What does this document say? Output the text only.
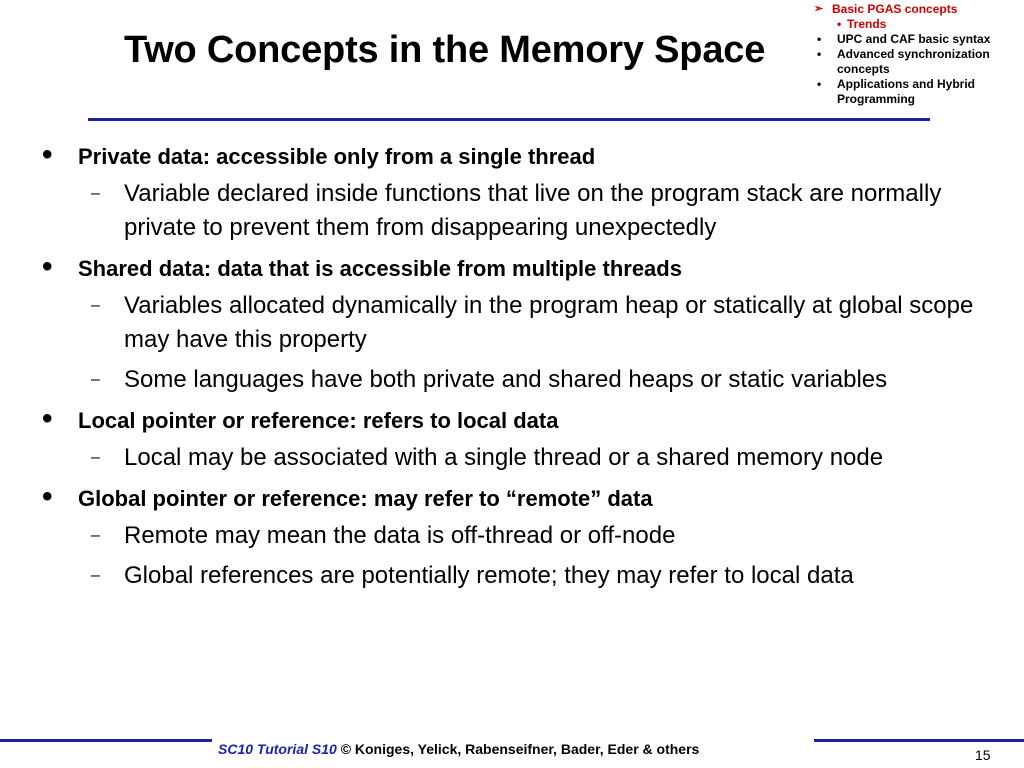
Two Concepts in the Memory Space
➢ Basic PGAS concepts
• Trends
• UPC and CAF basic syntax
• Advanced synchronization concepts
• Applications and Hybrid Programming
• Private data: accessible only from a single thread
– Variable declared inside functions that live on the program stack are normally private to prevent them from disappearing unexpectedly
• Shared data: data that is accessible from multiple threads
– Variables allocated dynamically in the program heap or statically at global scope may have this property
– Some languages have both private and shared heaps or static variables
• Local pointer or reference: refers to local data
– Local may be associated with a single thread or a shared memory node
• Global pointer or reference: may refer to “remote” data
– Remote may mean the data is off-thread or off-node
– Global references are potentially remote; they may refer to local data
SC10 Tutorial S10 © Koniges, Yelick, Rabenseifner, Bader, Eder & others	15
